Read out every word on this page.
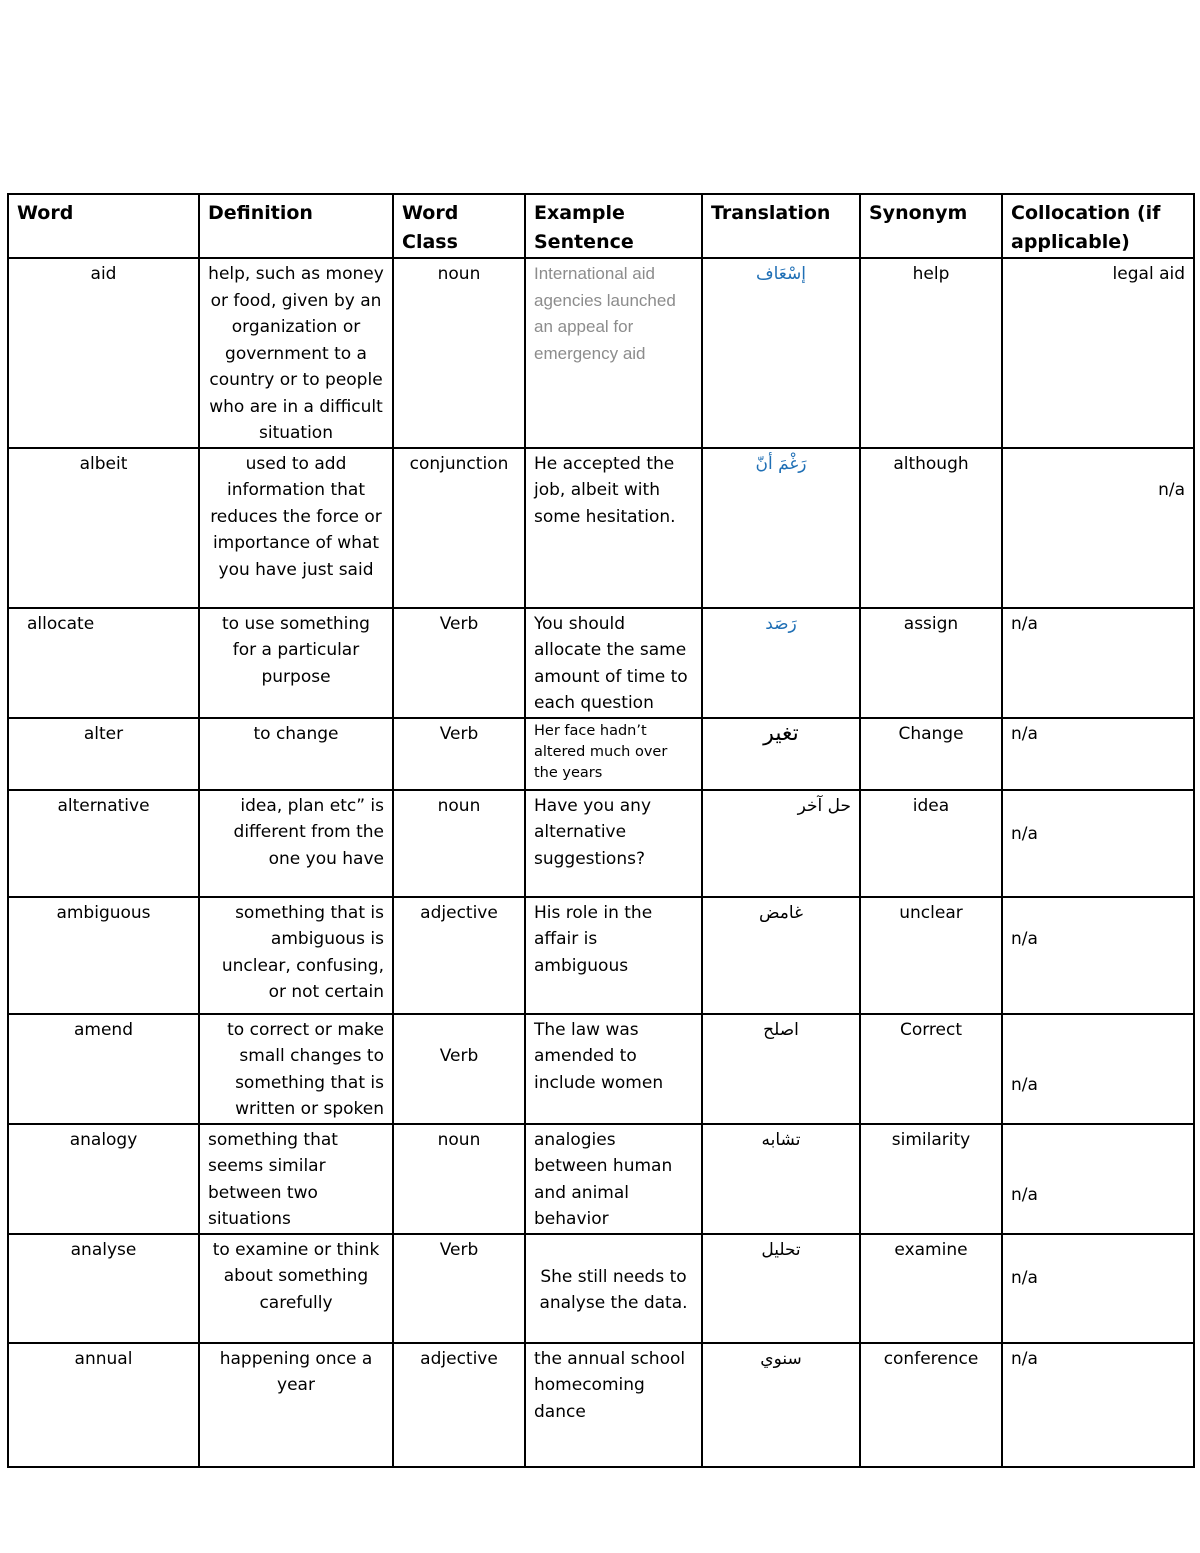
Word	Definition	Word Class	Example Sentence	Translation	Synonym	Collocation (if applicable)
aid	help, such as money or food, given by an organization or government to a country or to people who are in a difficult situation	noun	International aid agencies launched an appeal for emergency aid	إسْعَاف	help	legal aid
albeit	used to add information that reduces the force or importance of what you have just said	conjunction	He accepted the job, albeit with some hesitation.	رَغْمَ أنّ	although	n/a
allocate	to use something for a particular purpose	Verb	You should allocate the same amount of time to each question	رَصَد	assign	n/a
alter	to change	Verb	Her face hadn’t altered much over the years	تغير	Change	n/a
alternative	idea, plan etc” is different from the one you have	noun	Have you any alternative suggestions?	حل آخر	idea	n/a
ambiguous	something that is ambiguous is unclear, confusing, or not certain	adjective	His role in the affair is ambiguous	غامض	unclear	n/a
amend	to correct or make small changes to something that is written or spoken	Verb	The law was amended to include women	اصلح	Correct	n/a
analogy	something that seems similar between two situations	noun	analogies between human and animal behavior	تشابه	similarity	n/a
analyse	to examine or think about something carefully	Verb	She still needs to analyse the data.	تحليل	examine	n/a
annual	happening once a year	adjective	the annual school homecoming dance	سنوي	conference	n/a
